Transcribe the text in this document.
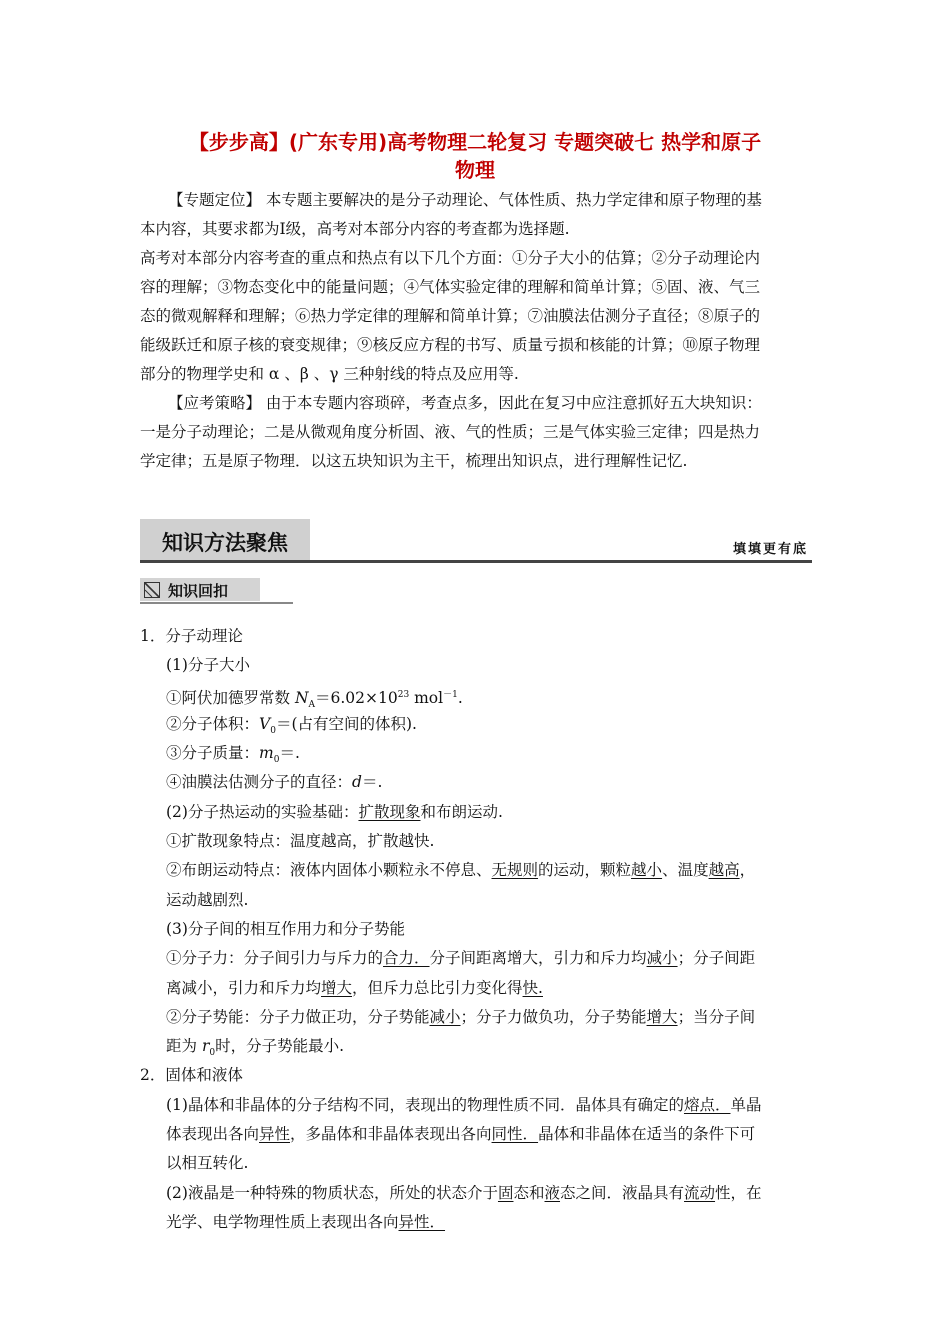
【步步高】(广东专用)高考物理二轮复习 专题突破七 热学和原子
物理
【专题定位】 本专题主要解决的是分子动理论、气体性质、热力学定律和原子物理的基
本内容，其要求都为Ⅰ级，高考对本部分内容的考查都为选择题.
高考对本部分内容考查的重点和热点有以下几个方面：①分子大小的估算；②分子动理论内
容的理解；③物态变化中的能量问题；④气体实验定律的理解和简单计算；⑤固、液、气三
态的微观解释和理解；⑥热力学定律的理解和简单计算；⑦油膜法估测分子直径；⑧原子的
能级跃迁和原子核的衰变规律；⑨核反应方程的书写、质量亏损和核能的计算；⑩原子物理
部分的物理学史和 α 、β 、γ 三种射线的特点及应用等.
【应考策略】 由于本专题内容琐碎，考查点多，因此在复习中应注意抓好五大块知识：
一是分子动理论；二是从微观角度分析固、液、气的性质；三是气体实验三定律；四是热力
学定律；五是原子物理．以这五块知识为主干，梳理出知识点，进行理解性记忆.
知识方法聚焦	填填更有底
知识回扣
1．分子动理论
(1)分子大小
①阿伏加德罗常数 $N_A=6.02\times 10^{23}$ mol$^{-1}$.
②分子体积：$V_0=$(占有空间的体积).
③分子质量：$m_0=$.
④油膜法估测分子的直径：d＝.
(2)分子热运动的实验基础：扩散现象和布朗运动.
①扩散现象特点：温度越高，扩散越快.
②布朗运动特点：液体内固体小颗粒永不停息、无规则的运动，颗粒越小、温度越高，
运动越剧烈.
(3)分子间的相互作用力和分子势能
①分子力：分子间引力与斥力的合力．分子间距离增大，引力和斥力均减小；分子间距
离减小，引力和斥力均增大，但斥力总比引力变化得快.
②分子势能：分子力做正功，分子势能减小；分子力做负功，分子势能增大；当分子间
距为 $r_0$时，分子势能最小.
2．固体和液体
(1)晶体和非晶体的分子结构不同，表现出的物理性质不同．晶体具有确定的熔点．单晶
体表现出各向异性，多晶体和非晶体表现出各向同性．晶体和非晶体在适当的条件下可
以相互转化.
(2)液晶是一种特殊的物质状态，所处的状态介于固态和液态之间．液晶具有流动性，在
光学、电学物理性质上表现出各向异性．
